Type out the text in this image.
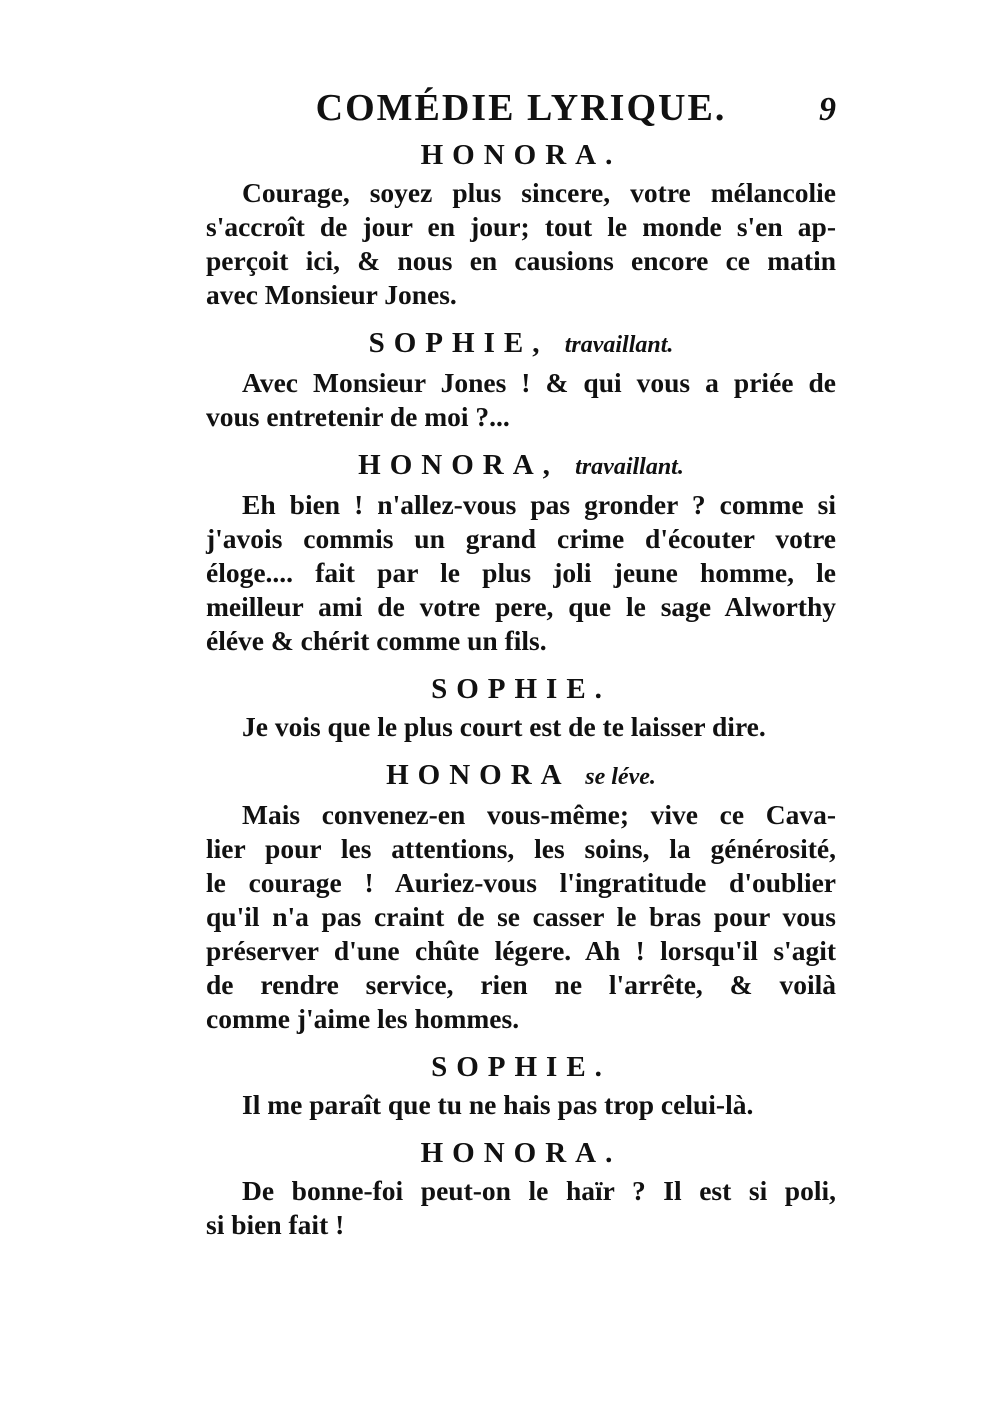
COMÉDIE LYRIQUE.	9
HONORA.
Courage, soyez plus sincere, votre mélancolie
s'accroît de jour en jour; tout le monde s'en ap-
perçoit ici, & nous en causions encore ce matin
avec Monsieur Jones.
SOPHIE, travaillant.
Avec Monsieur Jones ! & qui vous a priée de
vous entretenir de moi ?...
HONORA, travaillant.
Eh bien ! n'allez-vous pas gronder ? comme si
j'avois commis un grand crime d'écouter votre
éloge.... fait par le plus joli jeune homme, le
meilleur ami de votre pere, que le sage Alworthy
éléve & chérit comme un fils.
SOPHIE.
Je vois que le plus court est de te laisser dire.
HONORA se léve.
Mais convenez-en vous-même; vive ce Cava-
lier pour les attentions, les soins, la générosité,
le courage ! Auriez-vous l'ingratitude d'oublier
qu'il n'a pas craint de se casser le bras pour vous
préserver d'une chûte légere. Ah ! lorsqu'il s'agit
de rendre service, rien ne l'arrête, & voilà
comme j'aime les hommes.
SOPHIE.
Il me paraît que tu ne hais pas trop celui-là.
HONORA.
De bonne-foi peut-on le haïr ? Il est si poli,
si bien fait !
